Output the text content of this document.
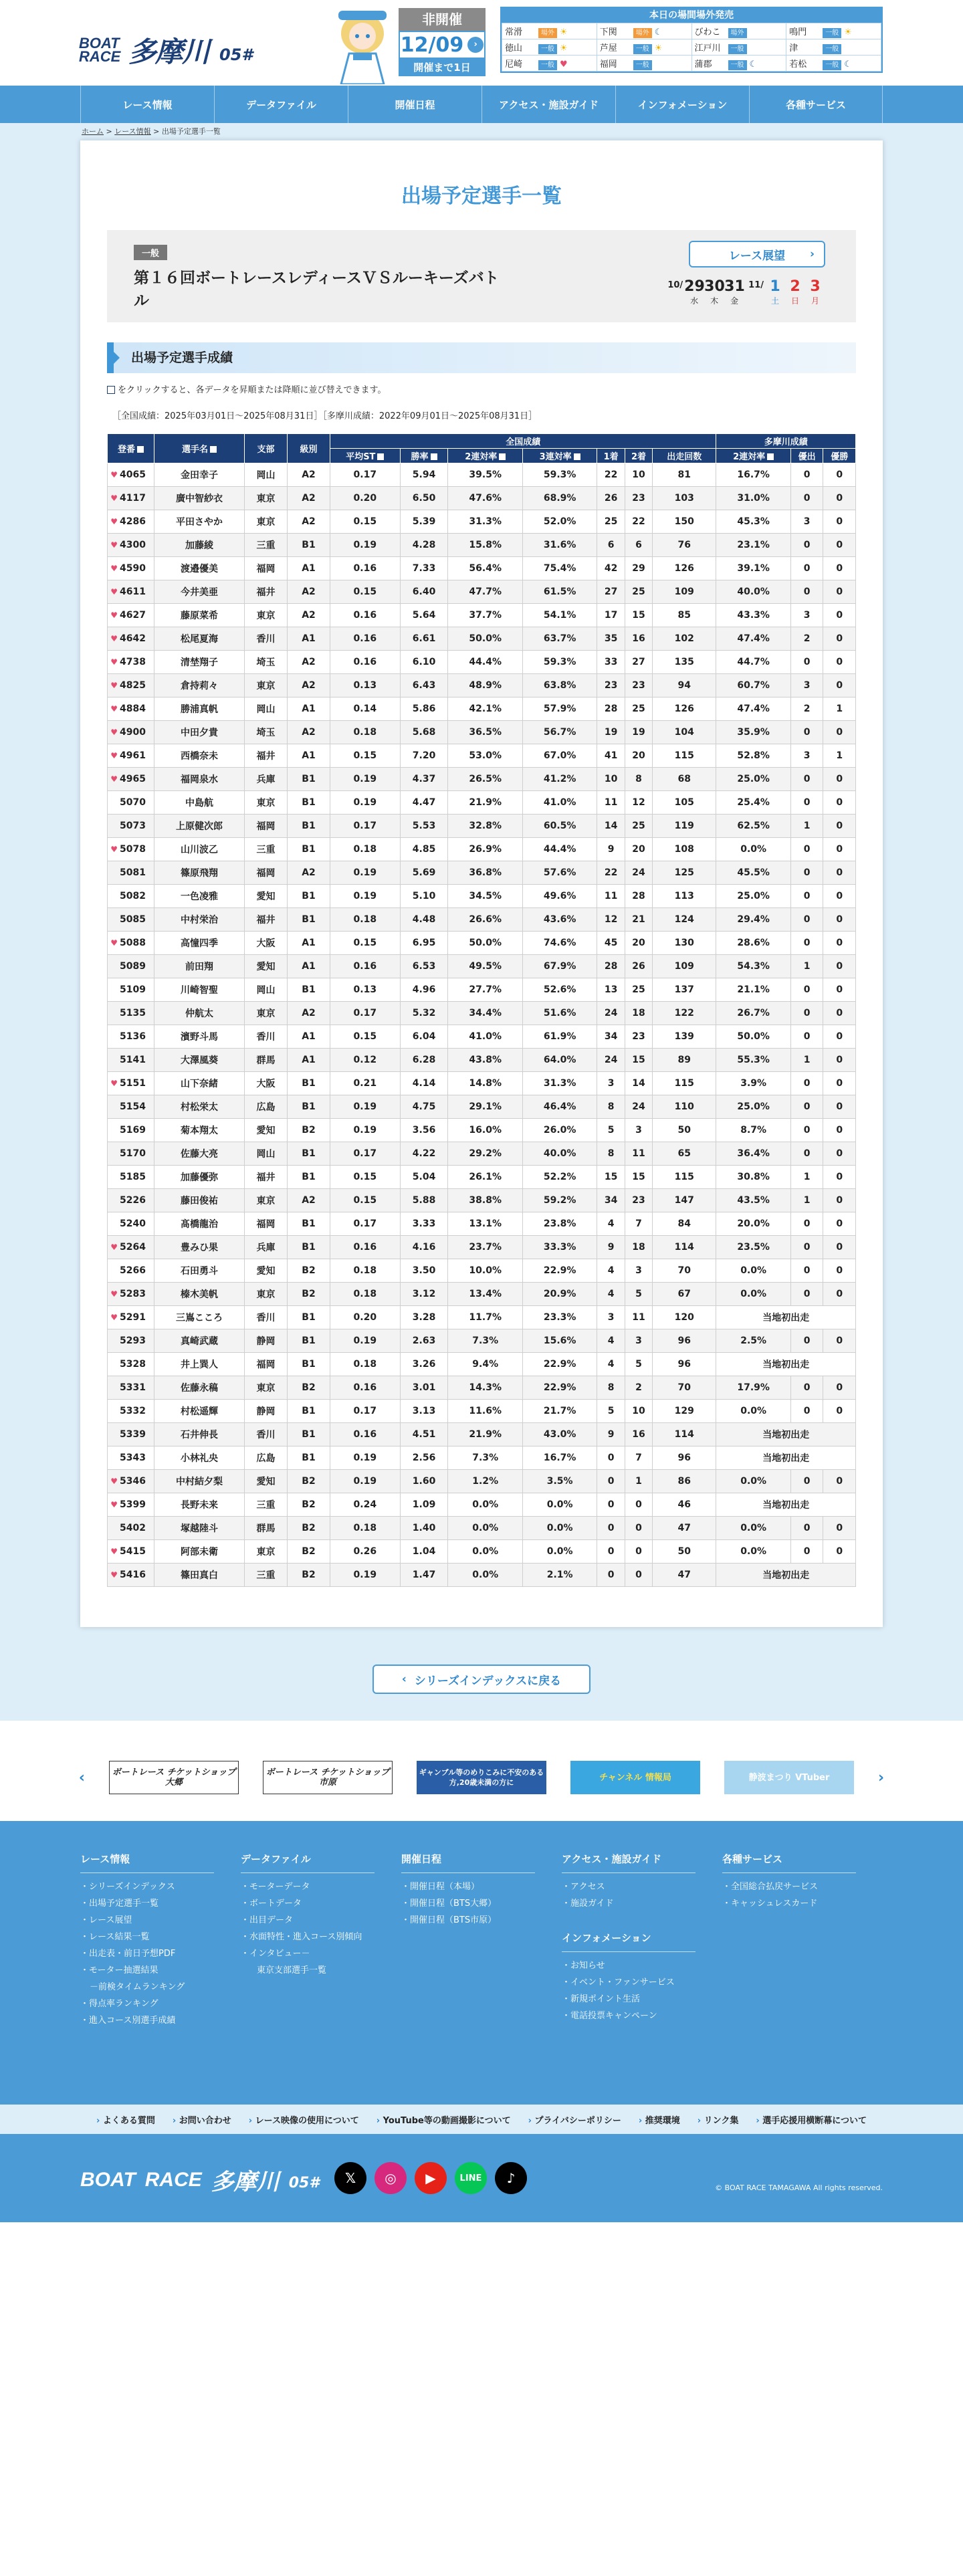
BOAT
RACE 多摩川 05#
非開催
12/09	›
開催まで1日
本日の場間場外発売
常滑 場外 ☀	下関 場外 ☾	びわこ 場外	鳴門 一般 ☀
徳山 一般 ☀	芦屋 一般 ☀	江戸川 一般	津 一般
尼崎 一般 ♥	福岡 一般	蒲郡 一般 ☾	若松 一般 ☾
レース情報	データファイル	開催日程	アクセス・施設ガイド	インフォメーション	各種サービス
ホーム > レース情報 > 出場予定選手一覧
出場予定選手一覧
一般
第１６回ボートレースレディースＶＳルーキーズバトル
レース展望 ›
10/ 29
水
30
木
31
金
11/ 1
土
2
日
3
月
出場予定選手成績
をクリックすると、各データを昇順または降順に並び替えできます。
［全国成績：2025年03月01日～2025年08月31日］［多摩川成績：2022年09月01日～2025年08月31日］
登番	選手名	支部	級別	全国成績							多摩川成績		
				平均ST	勝率	2連対率	3連対率	1着	2着	出走回数	2連対率	優出	優勝
♥ 4065	金田幸子	岡山	A2	0.17	5.94	39.5%	59.3%	22	10	81	16.7%	0	0
♥ 4117	廣中智紗衣	東京	A2	0.20	6.50	47.6%	68.9%	26	23	103	31.0%	0	0
♥ 4286	平田さやか	東京	A2	0.15	5.39	31.3%	52.0%	25	22	150	45.3%	3	0
♥ 4300	加藤綾	三重	B1	0.19	4.28	15.8%	31.6%	6	6	76	23.1%	0	0
♥ 4590	渡邉優美	福岡	A1	0.16	7.33	56.4%	75.4%	42	29	126	39.1%	0	0
♥ 4611	今井美亜	福井	A2	0.15	6.40	47.7%	61.5%	27	25	109	40.0%	0	0
♥ 4627	藤原菜希	東京	A2	0.16	5.64	37.7%	54.1%	17	15	85	43.3%	3	0
♥ 4642	松尾夏海	香川	A1	0.16	6.61	50.0%	63.7%	35	16	102	47.4%	2	0
♥ 4738	清埜翔子	埼玉	A2	0.16	6.10	44.4%	59.3%	33	27	135	44.7%	0	0
♥ 4825	倉持莉々	東京	A2	0.13	6.43	48.9%	63.8%	23	23	94	60.7%	3	0
♥ 4884	勝浦真帆	岡山	A1	0.14	5.86	42.1%	57.9%	28	25	126	47.4%	2	1
♥ 4900	中田夕貴	埼玉	A2	0.18	5.68	36.5%	56.7%	19	19	104	35.9%	0	0
♥ 4961	西橋奈未	福井	A1	0.15	7.20	53.0%	67.0%	41	20	115	52.8%	3	1
♥ 4965	福岡泉水	兵庫	B1	0.19	4.37	26.5%	41.2%	10	8	68	25.0%	0	0
5070	中島航	東京	B1	0.19	4.47	21.9%	41.0%	11	12	105	25.4%	0	0
5073	上原健次郎	福岡	B1	0.17	5.53	32.8%	60.5%	14	25	119	62.5%	1	0
♥ 5078	山川波乙	三重	B1	0.18	4.85	26.9%	44.4%	9	20	108	0.0%	0	0
5081	篠原飛翔	福岡	A2	0.19	5.69	36.8%	57.6%	22	24	125	45.5%	0	0
5082	一色凌雅	愛知	B1	0.19	5.10	34.5%	49.6%	11	28	113	25.0%	0	0
5085	中村栄治	福井	B1	0.18	4.48	26.6%	43.6%	12	21	124	29.4%	0	0
♥ 5088	高憧四季	大阪	A1	0.15	6.95	50.0%	74.6%	45	20	130	28.6%	0	0
5089	前田翔	愛知	A1	0.16	6.53	49.5%	67.9%	28	26	109	54.3%	1	0
5109	川崎智聖	岡山	B1	0.13	4.96	27.7%	52.6%	13	25	137	21.1%	0	0
5135	仲航太	東京	A2	0.17	5.32	34.4%	51.6%	24	18	122	26.7%	0	0
5136	濱野斗馬	香川	A1	0.15	6.04	41.0%	61.9%	34	23	139	50.0%	0	0
5141	大澤風葵	群馬	A1	0.12	6.28	43.8%	64.0%	24	15	89	55.3%	1	0
♥ 5151	山下奈緒	大阪	B1	0.21	4.14	14.8%	31.3%	3	14	115	3.9%	0	0
5154	村松栄太	広島	B1	0.19	4.75	29.1%	46.4%	8	24	110	25.0%	0	0
5169	菊本翔太	愛知	B2	0.19	3.56	16.0%	26.0%	5	3	50	8.7%	0	0
5170	佐藤大亮	岡山	B1	0.17	4.22	29.2%	40.0%	8	11	65	36.4%	0	0
5185	加藤優弥	福井	B1	0.15	5.04	26.1%	52.2%	15	15	115	30.8%	1	0
5226	藤田俊祐	東京	A2	0.15	5.88	38.8%	59.2%	34	23	147	43.5%	1	0
5240	髙橋龍治	福岡	B1	0.17	3.33	13.1%	23.8%	4	7	84	20.0%	0	0
♥ 5264	豊みひ果	兵庫	B1	0.16	4.16	23.7%	33.3%	9	18	114	23.5%	0	0
5266	石田勇斗	愛知	B2	0.18	3.50	10.0%	22.9%	4	3	70	0.0%	0	0
♥ 5283	榛木美帆	東京	B2	0.18	3.12	13.4%	20.9%	4	5	67	0.0%	0	0
♥ 5291	三嶌こころ	香川	B1	0.20	3.28	11.7%	23.3%	3	11	120	当地初出走		
5293	真崎武蔵	静岡	B1	0.19	2.63	7.3%	15.6%	4	3	96	2.5%	0	0
5328	井上巽人	福岡	B1	0.18	3.26	9.4%	22.9%	4	5	96	当地初出走		
5331	佐藤永稿	東京	B2	0.16	3.01	14.3%	22.9%	8	2	70	17.9%	0	0
5332	村松遥輝	静岡	B1	0.17	3.13	11.6%	21.7%	5	10	129	0.0%	0	0
5339	石井伸長	香川	B1	0.16	4.51	21.9%	43.0%	9	16	114	当地初出走		
5343	小林礼央	広島	B1	0.19	2.56	7.3%	16.7%	0	7	96	当地初出走		
♥ 5346	中村結夕梨	愛知	B2	0.19	1.60	1.2%	3.5%	0	1	86	0.0%	0	0
♥ 5399	長野未来	三重	B2	0.24	1.09	0.0%	0.0%	0	0	46	当地初出走		
5402	塚越陸斗	群馬	B2	0.18	1.40	0.0%	0.0%	0	0	47	0.0%	0	0
♥ 5415	阿部未衛	東京	B2	0.26	1.04	0.0%	0.0%	0	0	50	0.0%	0	0
♥ 5416	篠田真白	三重	B2	0.19	1.47	0.0%	2.1%	0	0	47	当地初出走		
‹ シリーズインデックスに戻る
‹	ボートレース チケットショップ 大郷
ボートレース チケットショップ 市原
ギャンブル等のめりこみに不安のある方,20歳未満の方に	チャンネル 情報局	静波まつり VTuber	›
レース情報
・ シリーズインデックス
・ 出場予定選手一覧
・ レース展望
・ レース結果一覧
・ 出走表・前日予想PDF
・ モーター抽選結果
－ 前検タイムランキング
・ 得点率ランキング
・ 進入コース別選手成績
データファイル
・ モーターデータ
・ ボートデータ
・ 出目データ
・ 水面特性・進入コース別傾向
・ インタビュー－
東京支部選手一覧
開催日程
・ 開催日程（本場）
・ 開催日程（BTS大郷）
・ 開催日程（BTS市原）
アクセス・施設ガイド
・ アクセス
・ 施設ガイド
インフォメーション
・ お知らせ
・ イベント・ファンサービス
・ 新規ポイント生活
・ 電話投票キャンペーン
各種サービス
・ 全国総合払戻サービス
・ キャッシュレスカード
› よくある質問	› お問い合わせ	› レース映像の使用について	› YouTube等の動画撮影について	› プライバシーポリシー	› 推奨環境	› リンク集	› 選手応援用横断幕について
BOAT RACE 多摩川 05#	𝕏	◎	▶	LINE	♪
© BOAT RACE TAMAGAWA All rights reserved.
